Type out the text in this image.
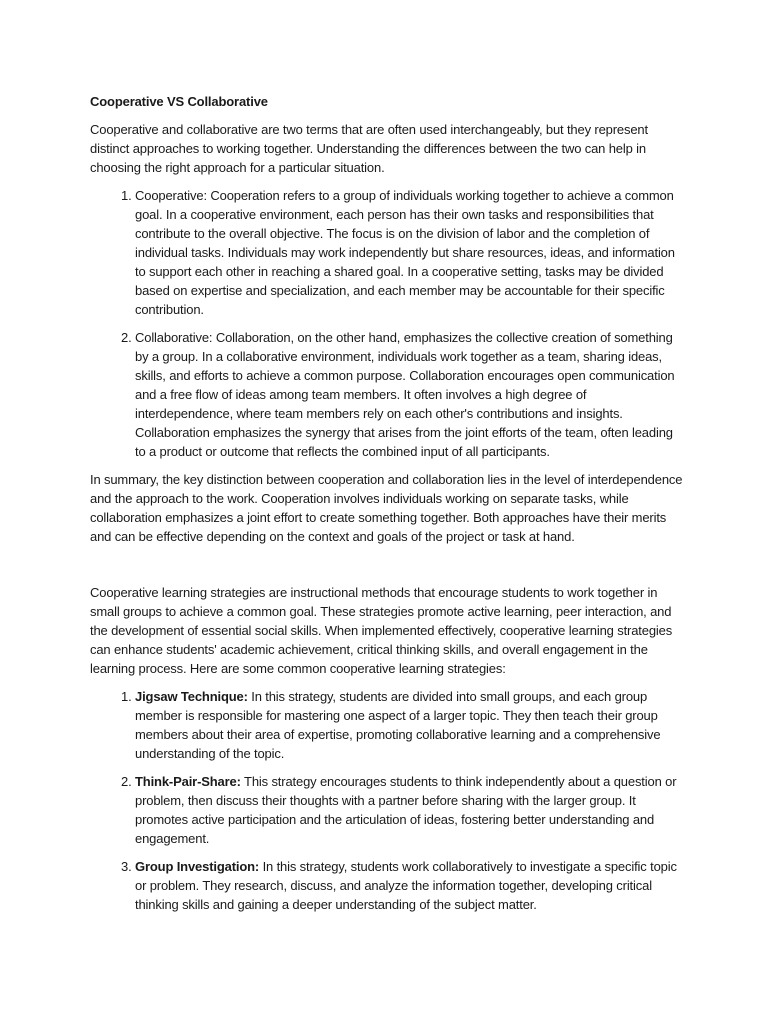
Cooperative VS Collaborative

Cooperative and collaborative are two terms that are often used interchangeably, but they represent distinct approaches to working together. Understanding the differences between the two can help in choosing the right approach for a particular situation.

1. Cooperative: Cooperation refers to a group of individuals working together to achieve a common goal. In a cooperative environment, each person has their own tasks and responsibilities that contribute to the overall objective. The focus is on the division of labor and the completion of individual tasks. Individuals may work independently but share resources, ideas, and information to support each other in reaching a shared goal. In a cooperative setting, tasks may be divided based on expertise and specialization, and each member may be accountable for their specific contribution.
2. Collaborative: Collaboration, on the other hand, emphasizes the collective creation of something by a group. In a collaborative environment, individuals work together as a team, sharing ideas, skills, and efforts to achieve a common purpose. Collaboration encourages open communication and a free flow of ideas among team members. It often involves a high degree of interdependence, where team members rely on each other's contributions and insights. Collaboration emphasizes the synergy that arises from the joint efforts of the team, often leading to a product or outcome that reflects the combined input of all participants.

In summary, the key distinction between cooperation and collaboration lies in the level of interdependence and the approach to the work. Cooperation involves individuals working on separate tasks, while collaboration emphasizes a joint effort to create something together. Both approaches have their merits and can be effective depending on the context and goals of the project or task at hand.

Cooperative learning strategies are instructional methods that encourage students to work together in small groups to achieve a common goal. These strategies promote active learning, peer interaction, and the development of essential social skills. When implemented effectively, cooperative learning strategies can enhance students' academic achievement, critical thinking skills, and overall engagement in the learning process. Here are some common cooperative learning strategies:

1. Jigsaw Technique: In this strategy, students are divided into small groups, and each group member is responsible for mastering one aspect of a larger topic. They then teach their group members about their area of expertise, promoting collaborative learning and a comprehensive understanding of the topic.
2. Think-Pair-Share: This strategy encourages students to think independently about a question or problem, then discuss their thoughts with a partner before sharing with the larger group. It promotes active participation and the articulation of ideas, fostering better understanding and engagement.
3. Group Investigation: In this strategy, students work collaboratively to investigate a specific topic or problem. They research, discuss, and analyze the information together, developing critical thinking skills and gaining a deeper understanding of the subject matter.
